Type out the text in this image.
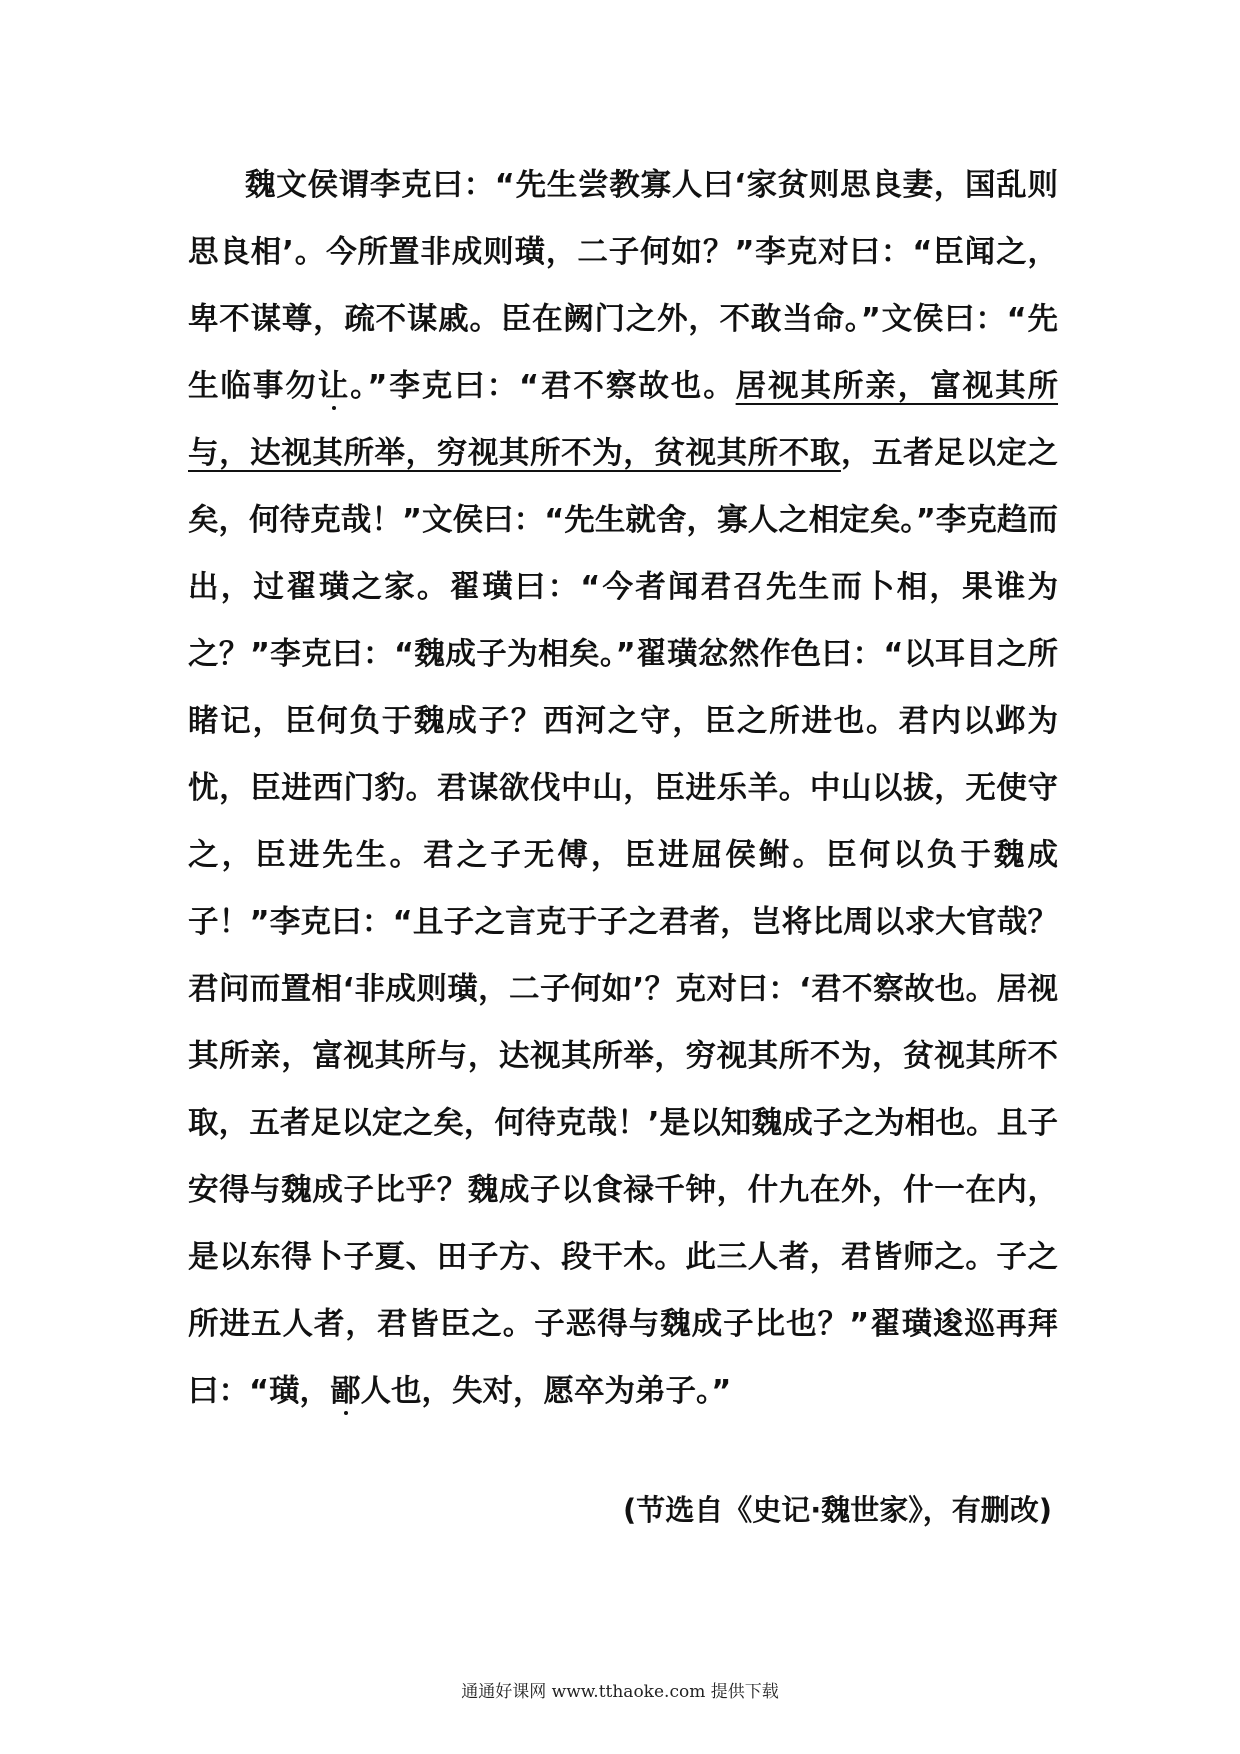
魏文侯谓李克曰：“先生尝教寡人曰‘家贫则思良妻，国乱则思良相’。今所置非成则璜，二子何如？”李克对曰：“臣闻之，卑不谋尊，疏不谋戚。臣在阙门之外，不敢当命。”文侯曰：“先生临事勿让。”李克曰：“君不察故也。居视其所亲，富视其所与，达视其所举，穷视其所不为，贫视其所不取，五者足以定之矣，何待克哉！”文侯曰：“先生就舍，寡人之相定矣。”李克趋而出，过翟璜之家。翟璜曰：“今者闻君召先生而卜相，果谁为之？”李克曰：“魏成子为相矣。”翟璜忿然作色曰：“以耳目之所睹记，臣何负于魏成子？西河之守，臣之所进也。君内以邺为忧，臣进西门豹。君谋欲伐中山，臣进乐羊。中山以拔，无使守之，臣进先生。君之子无傅，臣进屈侯鲋。臣何以负于魏成子！”李克曰：“且子之言克于子之君者，岂将比周以求大官哉？君问而置相‘非成则璜，二子何如’？克对曰：‘君不察故也。居视其所亲，富视其所与，达视其所举，穷视其所不为，贫视其所不取，五者足以定之矣，何待克哉！’是以知魏成子之为相也。且子安得与魏成子比乎？魏成子以食禄千钟，什九在外，什一在内，是以东得卜子夏、田子方、段干木。此三人者，君皆师之。子之所进五人者，君皆臣之。子恶得与魏成子比也？”翟璜逡巡再拜曰：“璜，鄙人也，失对，愿卒为弟子。”

(节选自《史记·魏世家》，有删改)

通通好课网 www.tthaoke.com 提供下载
